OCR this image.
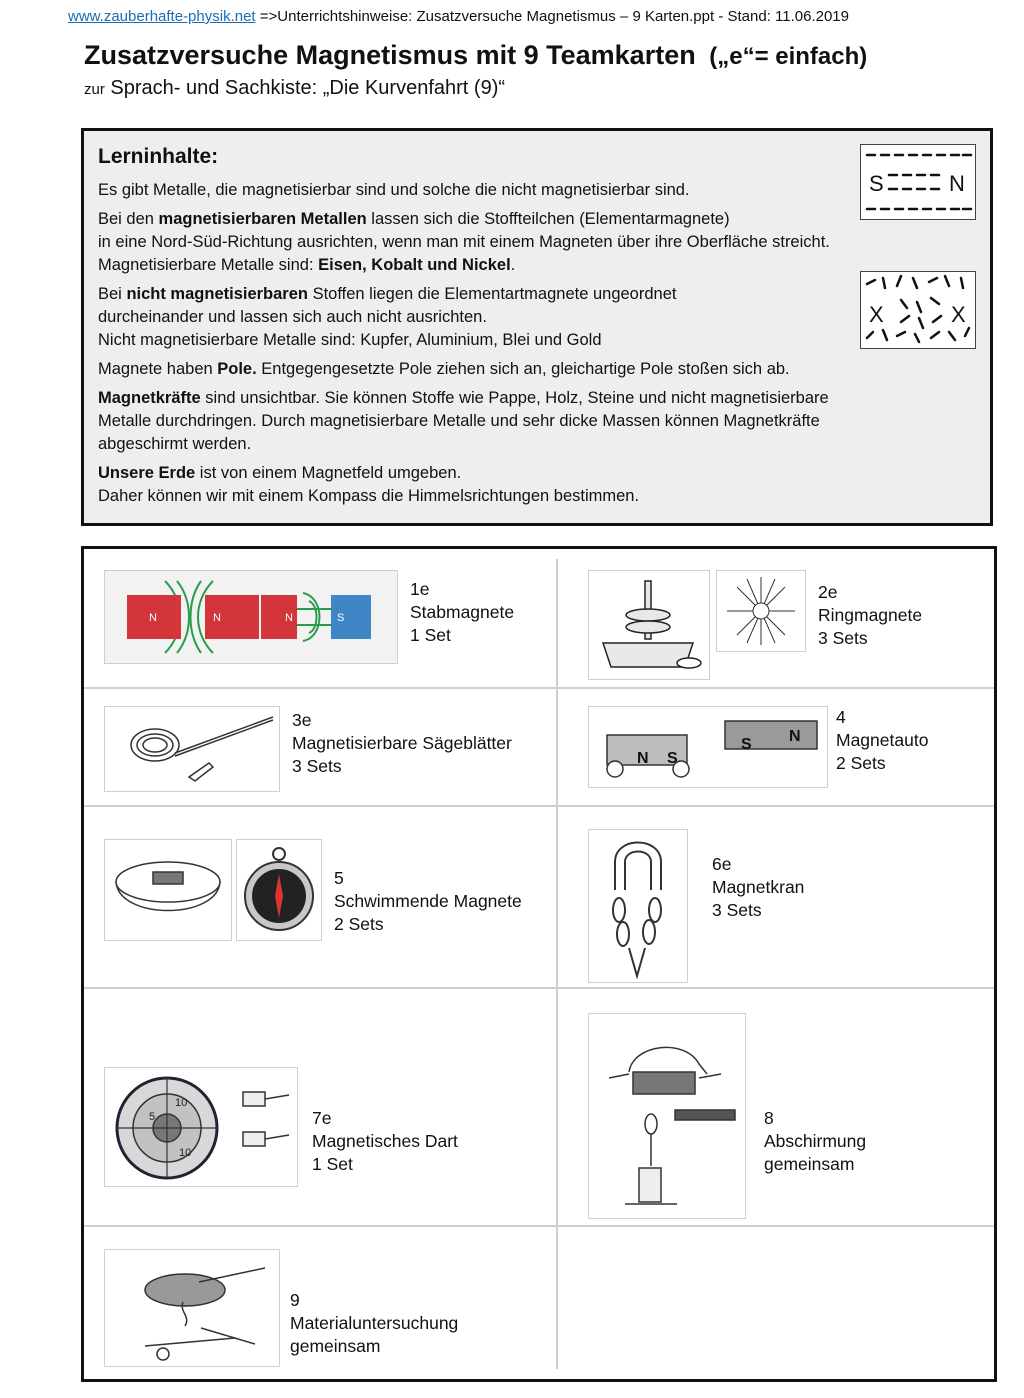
www.zauberhafte-physik.net =>Unterrichtshinweise: Zusatzversuche Magnetismus – 9 Karten.ppt - Stand: 11.06.2019
Zusatzversuche Magnetismus mit 9 Teamkarten („e“= einfach)
zur Sprach- und Sachkiste: „Die Kurvenfahrt (9)“
Lerninhalte:
Es gibt Metalle, die magnetisierbar sind und solche die nicht magnetisierbar sind.
Bei den magnetisierbaren Metallen lassen sich die Stoffteilchen (Elementarmagnete)
in eine Nord-Süd-Richtung ausrichten, wenn man mit einem Magneten über ihre Oberfläche streicht.
Magnetisierbare Metalle sind: Eisen, Kobalt und Nickel.
Bei nicht magnetisierbaren Stoffen liegen die Elementartmagnete ungeordnet
durcheinander und lassen sich auch nicht ausrichten.
Nicht magnetisierbare Metalle sind: Kupfer, Aluminium, Blei und Gold
Magnete haben Pole. Entgegengesetzte Pole ziehen sich an, gleichartige Pole stoßen sich ab.
Magnetkräfte sind unsichtbar. Sie können Stoffe wie Pappe, Holz, Steine und nicht magnetisierbare
Metalle durchdringen. Durch magnetisierbare Metalle und sehr dicke Massen können Magnetkräfte
abgeschirmt werden.
Unsere Erde ist von einem Magnetfeld umgeben.
Daher können wir mit einem Kompass die Himmelsrichtungen bestimmen.
S	N
X	X
N	N	N	S
1e
Stabmagnete
1 Set
2e
Ringmagnete
3 Sets
3e
Magnetisierbare Sägeblätter
3 Sets	N S
S N
4
Magnetauto
2 Sets
5
Schwimmende Magnete
2 Sets
6e
Magnetkran
3 Sets
10
5
10
7e
Magnetisches Dart
1 Set
8
Abschirmung
gemeinsam
9
Materialuntersuchung
gemeinsam
